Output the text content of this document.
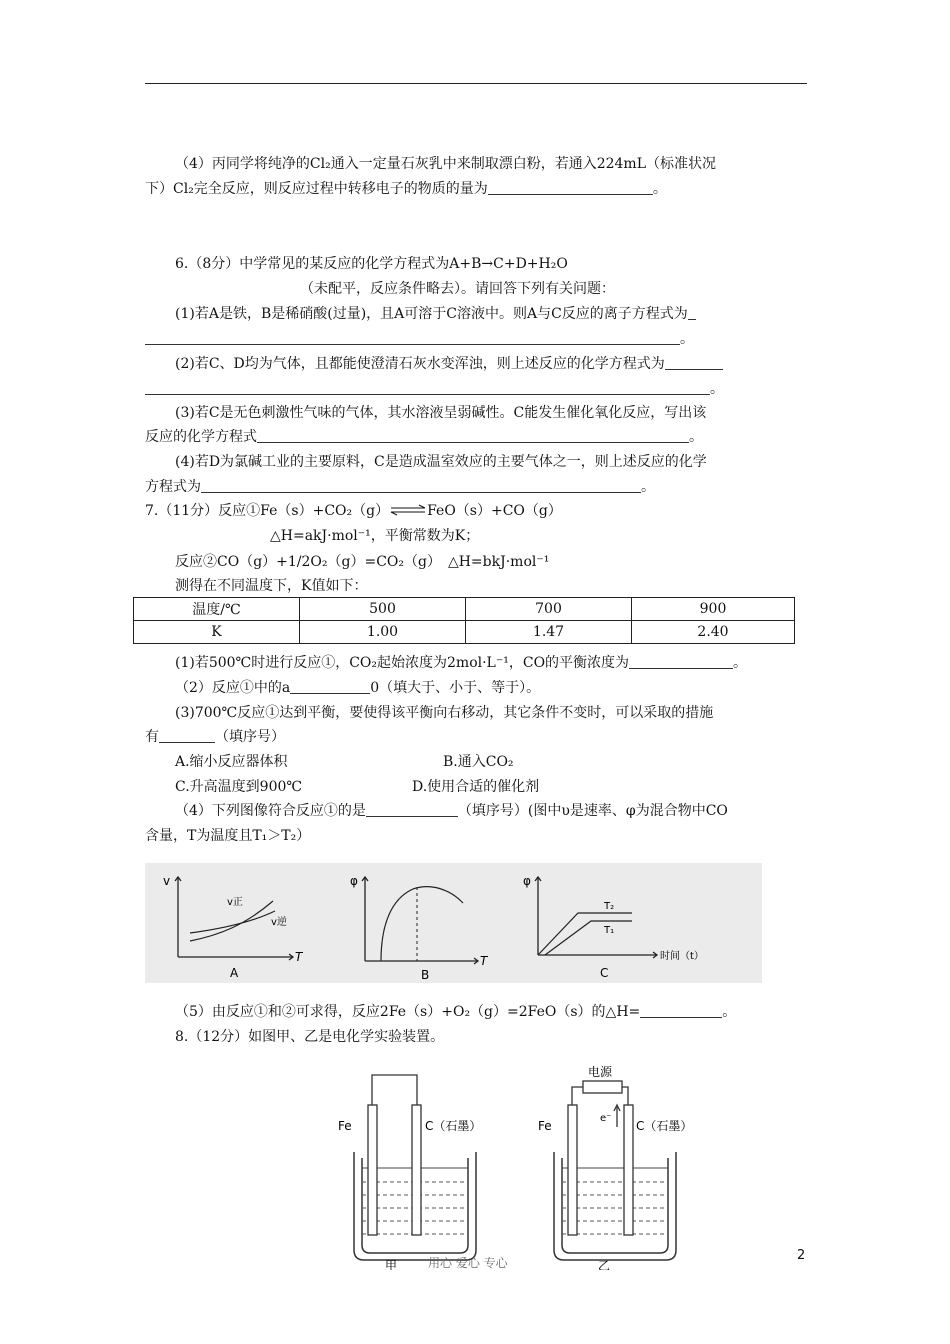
（4）丙同学将纯净的Cl₂通入一定量石灰乳中来制取漂白粉，若通入224mL（标准状况
下）Cl₂完全反应，则反应过程中转移电子的物质的量为	。
6.（8分）中学常见的某反应的化学方程式为A+B→C+D+H₂O
（未配平，反应条件略去）。请回答下列有关问题：
(1)若A是铁，B是稀硝酸(过量)，且A可溶于C溶液中。则A与C反应的离子方程式为
。
(2)若C、D均为气体，且都能使澄清石灰水变浑浊，则上述反应的化学方程式为
。
(3)若C是无色刺激性气味的气体，其水溶液呈弱碱性。C能发生催化氧化反应，写出该
反应的化学方程式	。
(4)若D为氯碱工业的主要原料，C是造成温室效应的主要气体之一，则上述反应的化学
方程式为	。
7.（11分）反应①Fe（s）+CO₂（g）⇌FeO（s）+CO（g）
△H=akJ·mol⁻¹，平衡常数为K；
反应②CO（g）+1/2O₂（g）=CO₂（g）　△H=bkJ·mol⁻¹
测得在不同温度下，K值如下：
温度/℃	500	700	900
K	1.00	1.47	2.40
(1)若500℃时进行反应①，CO₂起始浓度为2mol·L⁻¹，CO的平衡浓度为	。
（2）反应①中的a	0（填大于、小于、等于）。
(3)700℃反应①达到平衡，要使得该平衡向右移动，其它条件不变时，可以采取的措施
有	（填序号）
A.缩小反应器体积	B.通入CO₂
C.升高温度到900℃	D.使用合适的催化剂
（4）下列图像符合反应①的是	（填序号）(图中υ是速率、φ为混合物中CO
含量，T为温度且T₁＞T₂）
v
v正
v逆
T
A
φ
T
B
φ
T₂
T₁
时间（t）
C
（5）由反应①和②可求得，反应2Fe（s）+O₂（g）=2FeO（s）的△H=	。
8.（12分）如图甲、乙是电化学实验装置。
Fe	C（石墨）
甲
电源
e⁻
Fe	C（石墨）
乙
用心 爱心 专心	2
